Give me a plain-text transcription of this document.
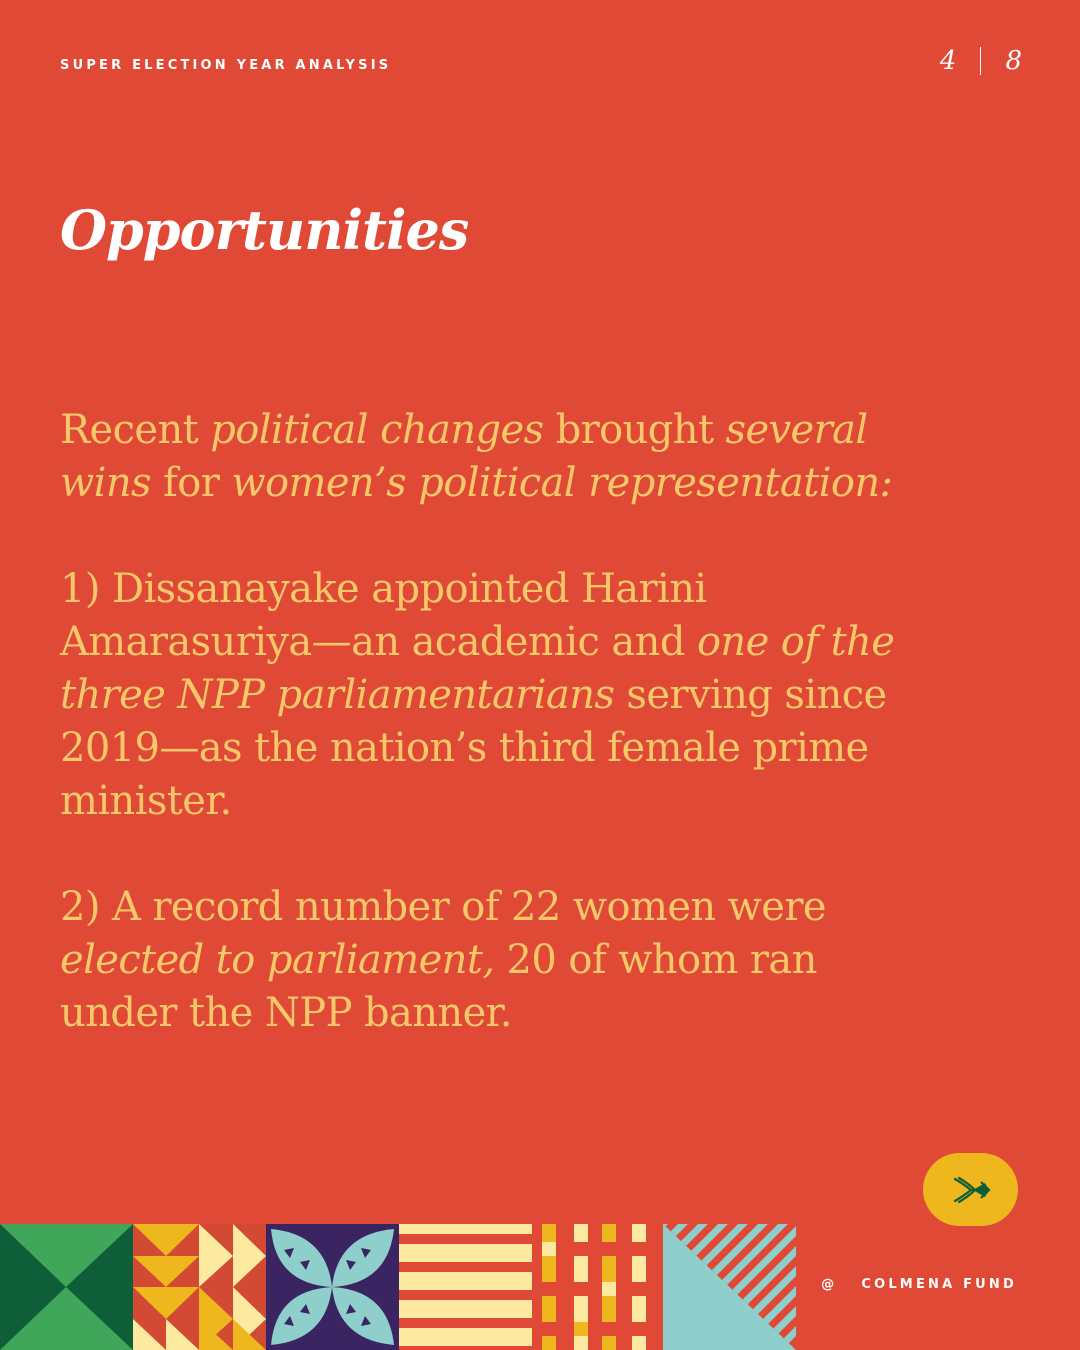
SUPER ELECTION YEAR ANALYSIS	4 8
Opportunities

Recent political changes brought several wins for women’s political representation:

1) Dissanayake appointed Harini Amarasuriya—an academic and one of the three NPP parliamentarians serving since 2019—as the nation’s third female prime minister.

2) A record number of 22 women were elected to parliament, 20 of whom ran under the NPP banner.

@ COLMENA FUND
